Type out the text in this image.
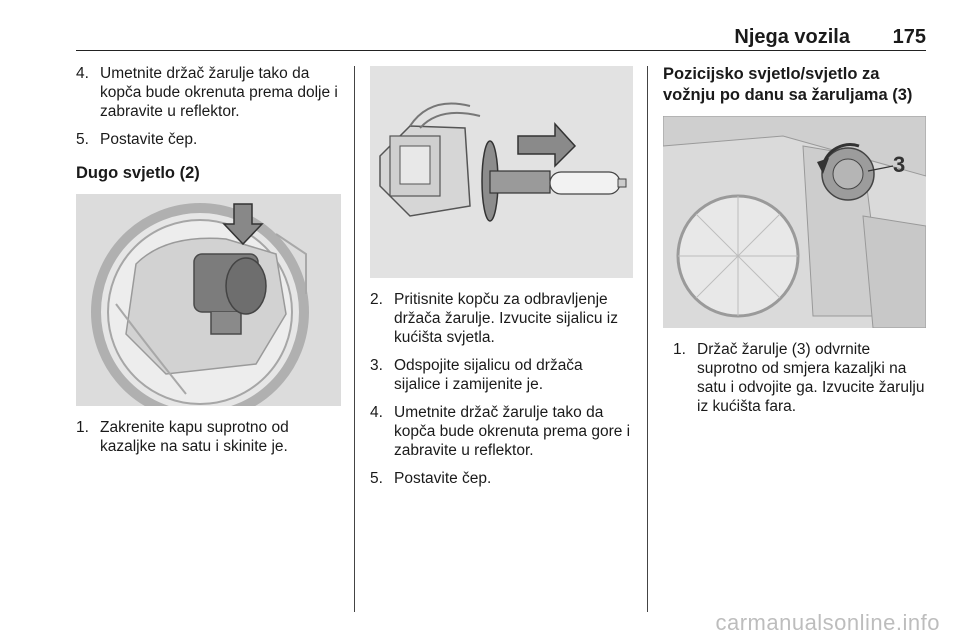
Njega vozila	175
4. Umetnite držač žarulje tako da kopča bude okrenuta prema dolje i zabravite u reflektor.
5. Postavite čep.
Dugo svjetlo (2)
1. Zakrenite kapu suprotno od kazaljke na satu i skinite je.
2. Pritisnite kopču za odbravljenje držača žarulje. Izvucite sijalicu iz kućišta svjetla.
3. Odspojite sijalicu od držača sijalice i zamijenite je.
4. Umetnite držač žarulje tako da kopča bude okrenuta prema gore i zabravite u reflektor.
5. Postavite čep.
Pozicijsko svjetlo/svjetlo za vožnju po danu sa žaruljama (3)
3
1. Držač žarulje (3) odvrnite suprotno od smjera kazaljki na satu i odvojite ga. Izvucite žarulju iz kućišta fara.
carmanualsonline.info
